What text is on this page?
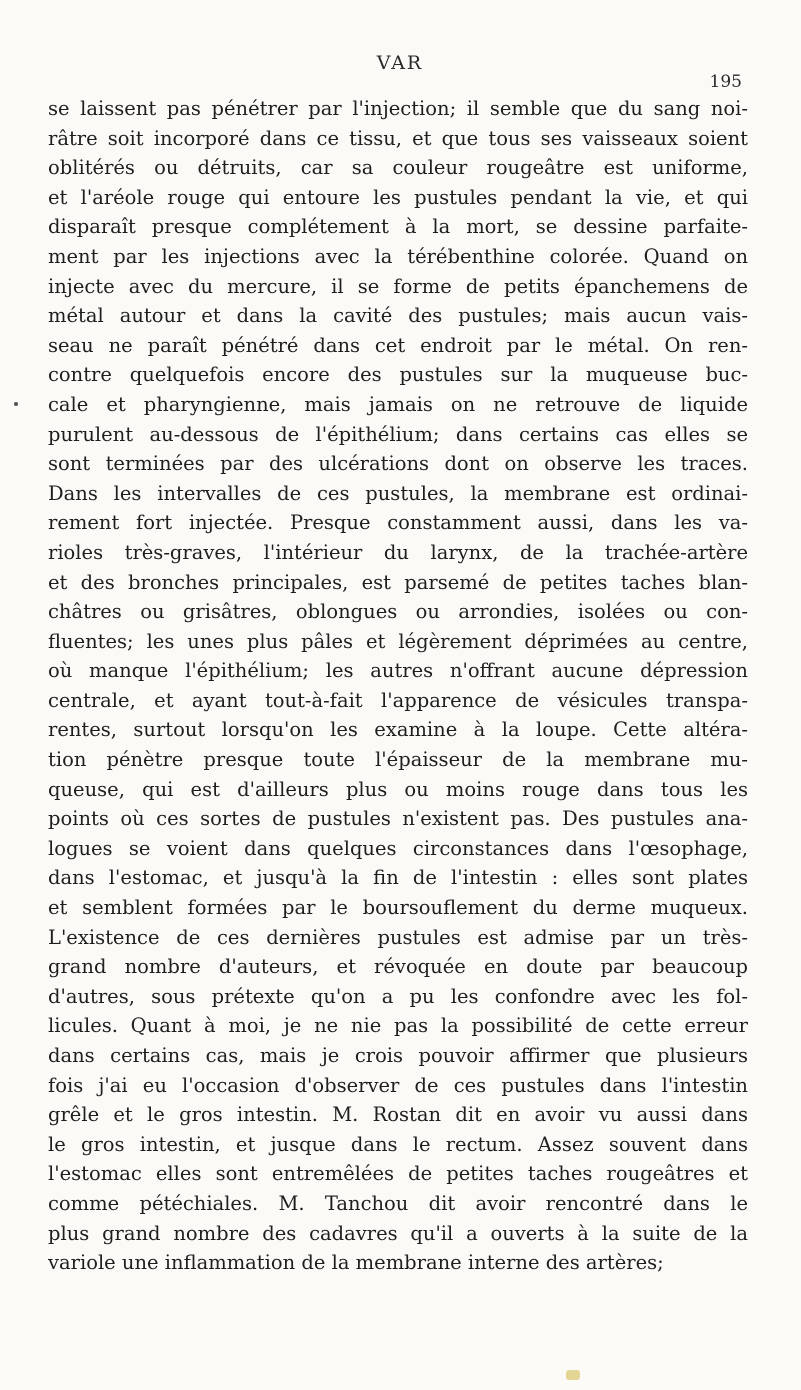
VAR
195
se laissent pas pénétrer par l'injection; il semble que du sang noi-
râtre soit incorporé dans ce tissu, et que tous ses vaisseaux soient
oblitérés ou détruits, car sa couleur rougeâtre est uniforme,
et l'aréole rouge qui entoure les pustules pendant la vie, et qui
disparaît presque complétement à la mort, se dessine parfaite-
ment par les injections avec la térébenthine colorée. Quand on
injecte avec du mercure, il se forme de petits épanchemens de
métal autour et dans la cavité des pustules; mais aucun vais-
seau ne paraît pénétré dans cet endroit par le métal. On ren-
contre quelquefois encore des pustules sur la muqueuse buc-
cale et pharyngienne, mais jamais on ne retrouve de liquide
purulent au-dessous de l'épithélium; dans certains cas elles se
sont terminées par des ulcérations dont on observe les traces.
Dans les intervalles de ces pustules, la membrane est ordinai-
rement fort injectée. Presque constamment aussi, dans les va-
rioles très-graves, l'intérieur du larynx, de la trachée-artère
et des bronches principales, est parsemé de petites taches blan-
châtres ou grisâtres, oblongues ou arrondies, isolées ou con-
fluentes; les unes plus pâles et légèrement déprimées au centre,
où manque l'épithélium; les autres n'offrant aucune dépression
centrale, et ayant tout-à-fait l'apparence de vésicules transpa-
rentes, surtout lorsqu'on les examine à la loupe. Cette altéra-
tion pénètre presque toute l'épaisseur de la membrane mu-
queuse, qui est d'ailleurs plus ou moins rouge dans tous les
points où ces sortes de pustules n'existent pas. Des pustules ana-
logues se voient dans quelques circonstances dans l'œsophage,
dans l'estomac, et jusqu'à la fin de l'intestin : elles sont plates
et semblent formées par le boursouflement du derme muqueux.
L'existence de ces dernières pustules est admise par un très-
grand nombre d'auteurs, et révoquée en doute par beaucoup
d'autres, sous prétexte qu'on a pu les confondre avec les fol-
licules. Quant à moi, je ne nie pas la possibilité de cette erreur
dans certains cas, mais je crois pouvoir affirmer que plusieurs
fois j'ai eu l'occasion d'observer de ces pustules dans l'intestin
grêle et le gros intestin. M. Rostan dit en avoir vu aussi dans
le gros intestin, et jusque dans le rectum. Assez souvent dans
l'estomac elles sont entremêlées de petites taches rougeâtres et
comme pétéchiales. M. Tanchou dit avoir rencontré dans le
plus grand nombre des cadavres qu'il a ouverts à la suite de la
variole une inflammation de la membrane interne des artères;
